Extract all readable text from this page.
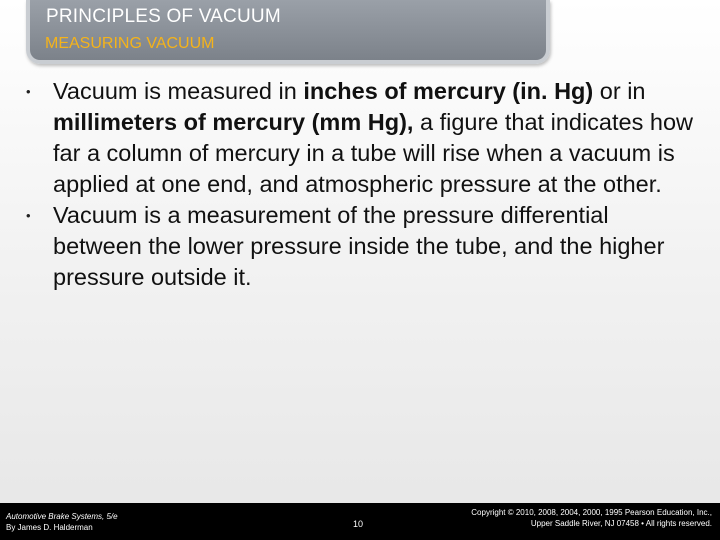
PRINCIPLES OF VACUUM
MEASURING VACUUM
• Vacuum is measured in inches of mercury (in. Hg) or in millimeters of mercury (mm Hg), a figure that indicates how far a column of mercury in a tube will rise when a vacuum is applied at one end, and atmospheric pressure at the other.
• Vacuum is a measurement of the pressure differential between the lower pressure inside the tube, and the higher pressure outside it.
Automotive Brake Systems, 5/e
By James D. Halderman	10
Copyright © 2010, 2008, 2004, 2000, 1995 Pearson Education, Inc.,
Upper Saddle River, NJ 07458 • All rights reserved.
